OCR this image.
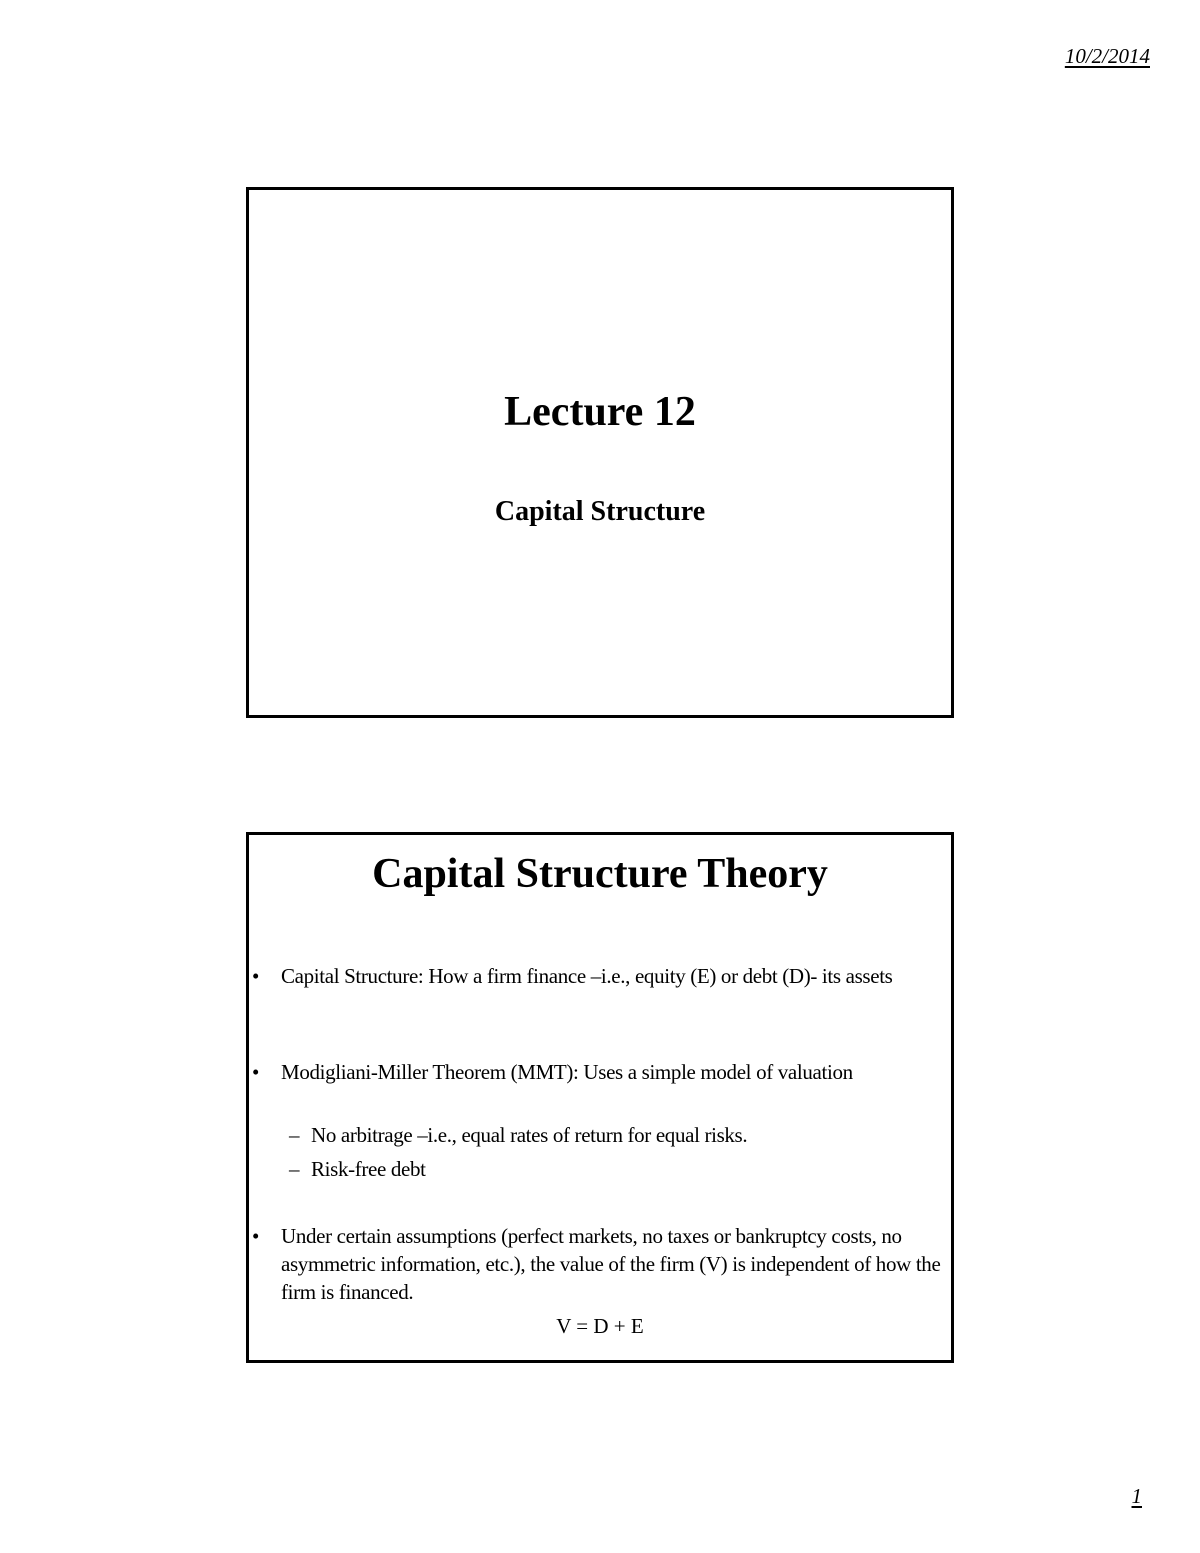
10/2/2014
Lecture 12
Capital Structure
Capital Structure Theory
• Capital Structure: How a firm finance –i.e., equity (E) or debt (D)- its assets
• Modigliani-Miller Theorem (MMT): Uses a simple model of valuation
– No arbitrage –i.e., equal rates of return for equal risks.
– Risk-free debt
• Under certain assumptions (perfect markets, no taxes or bankruptcy costs, no asymmetric information, etc.), the value of the firm (V) is independent of how the firm is financed.
V = D + E
1
